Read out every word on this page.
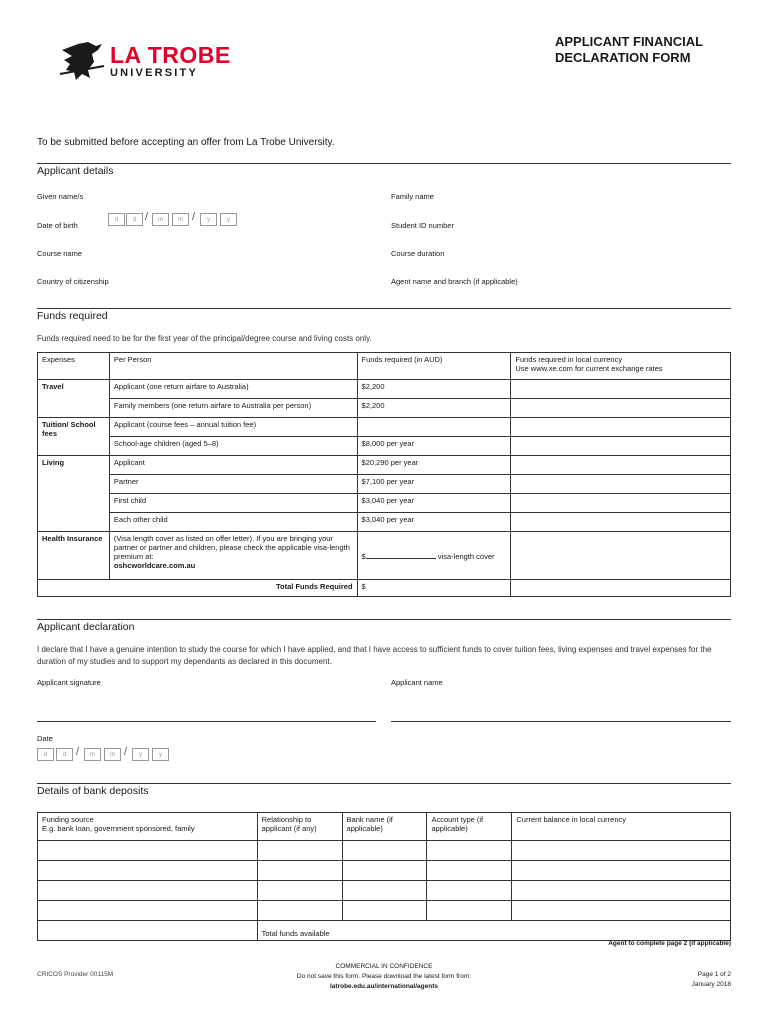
LA TROBE
UNIVERSITY
APPLICANT FINANCIAL
DECLARATION FORM
To be submitted before accepting an offer from La Trobe University.
Applicant details
Given name/s	Family name
Date of birth
d	d /	m	m /	y	y
Student ID number
Course name	Course duration
Country of citizenship	Agent name and branch (if applicable)
Funds required
Funds required need to be for the first year of the principal/degree course and living costs only.
Expenses	Per Person	Funds required (in AUD)	Funds required in local currency
Use www.xe.com for current exchange rates

Travel	Applicant (one return airfare to Australia)	$2,200	
	Family members (one return airfare to Australia per person)	$2,200	
Tuition/ School fees	Applicant (course fees – annual tuition fee)		
	School-age children (aged 5–8)	$8,000 per year	
Living	Applicant	$20,290 per year	
	Partner	$7,100 per year	
	First child	$3,040 per year	
	Each other child	$3,040 per year	
Health Insurance	(Visa length cover as listed on offer letter). If you are bringing your partner or partner and children, please check the applicable visa-length premium at:
oshcworldcare.com.au	$ visa-length cover	
Total Funds Required		$	
Applicant declaration
I declare that I have a genuine intention to study the course for which I have applied, and that I have access to sufficient funds to cover tuition fees, living expenses and travel expenses for the duration of my studies and to support my dependants as declared in this document.
Applicant signature	Applicant name
Date
d	d /	m	m /	y	y
Details of bank deposits
Funding source
E.g. bank loan, government sponsored, family	Relationship to applicant (if any)	Bank name (if applicable)	Account type (if applicable)	Current balance in local currency

	Total funds available			
Agent to complete page 2 (if applicable)
CRICOS Provider 00115M
COMMERCIAL IN CONFIDENCE
Do not save this form. Please download the latest form from:
latrobe.edu.au/international/agents
Page 1 of 2
January 2018
